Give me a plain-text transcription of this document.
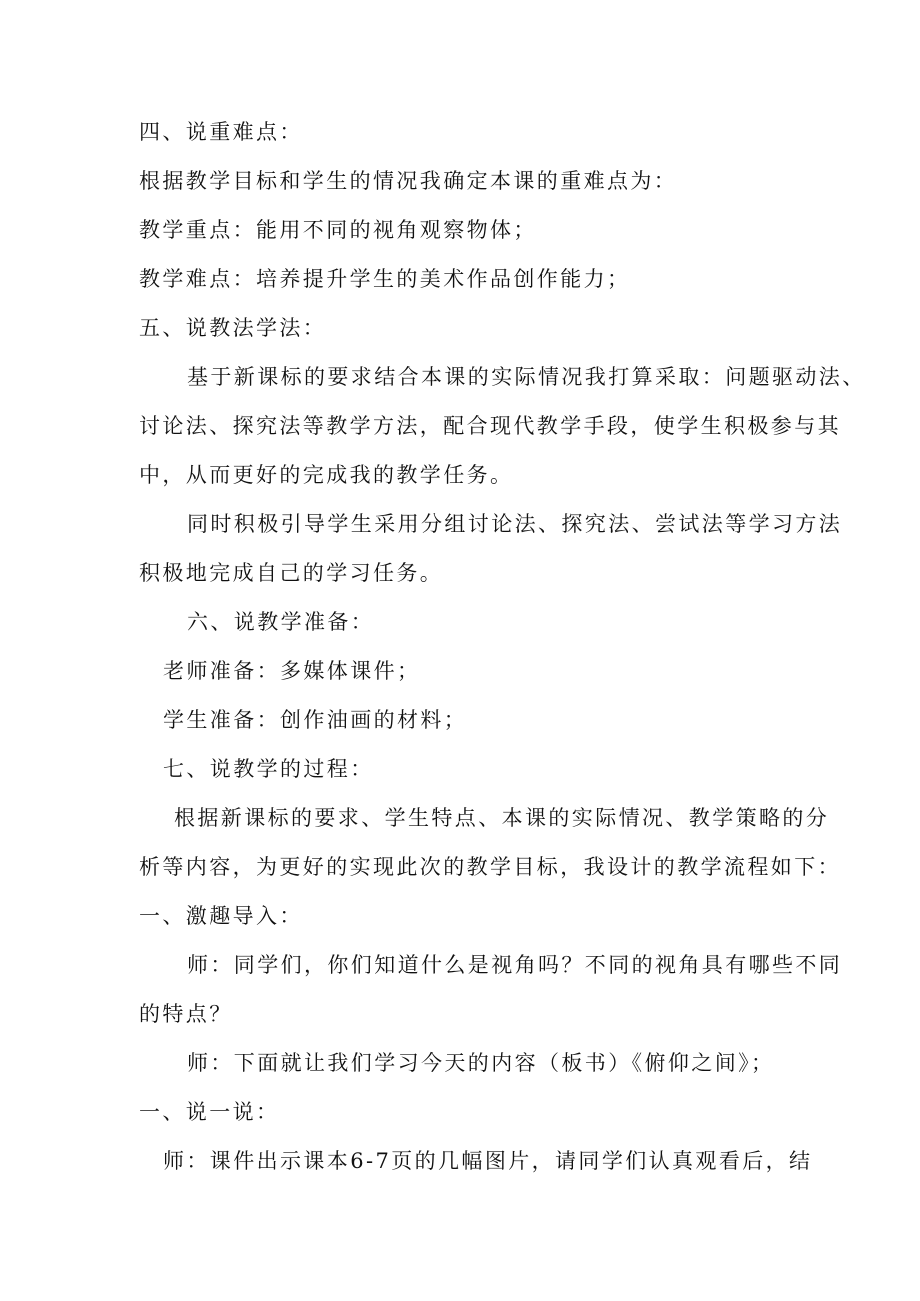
四、说重难点：
根据教学目标和学生的情况我确定本课的重难点为：
教学重点：能用不同的视角观察物体；
教学难点：培养提升学生的美术作品创作能力；
五、说教法学法：
基于新课标的要求结合本课的实际情况我打算采取：问题驱动法、
讨论法、探究法等教学方法，配合现代教学手段，使学生积极参与其
中，从而更好的完成我的教学任务。
同时积极引导学生采用分组讨论法、探究法、尝试法等学习方法
积极地完成自己的学习任务。
六、说教学准备：
老师准备：多媒体课件；
学生准备：创作油画的材料；
七、说教学的过程：
根据新课标的要求、学生特点、本课的实际情况、教学策略的分
析等内容，为更好的实现此次的教学目标，我设计的教学流程如下：
一、激趣导入：
师：同学们，你们知道什么是视角吗？不同的视角具有哪些不同
的特点？
师：下面就让我们学习今天的内容（板书）《俯仰之间》；
一、说一说：
师：课件出示课本6-7页的几幅图片，请同学们认真观看后，结
